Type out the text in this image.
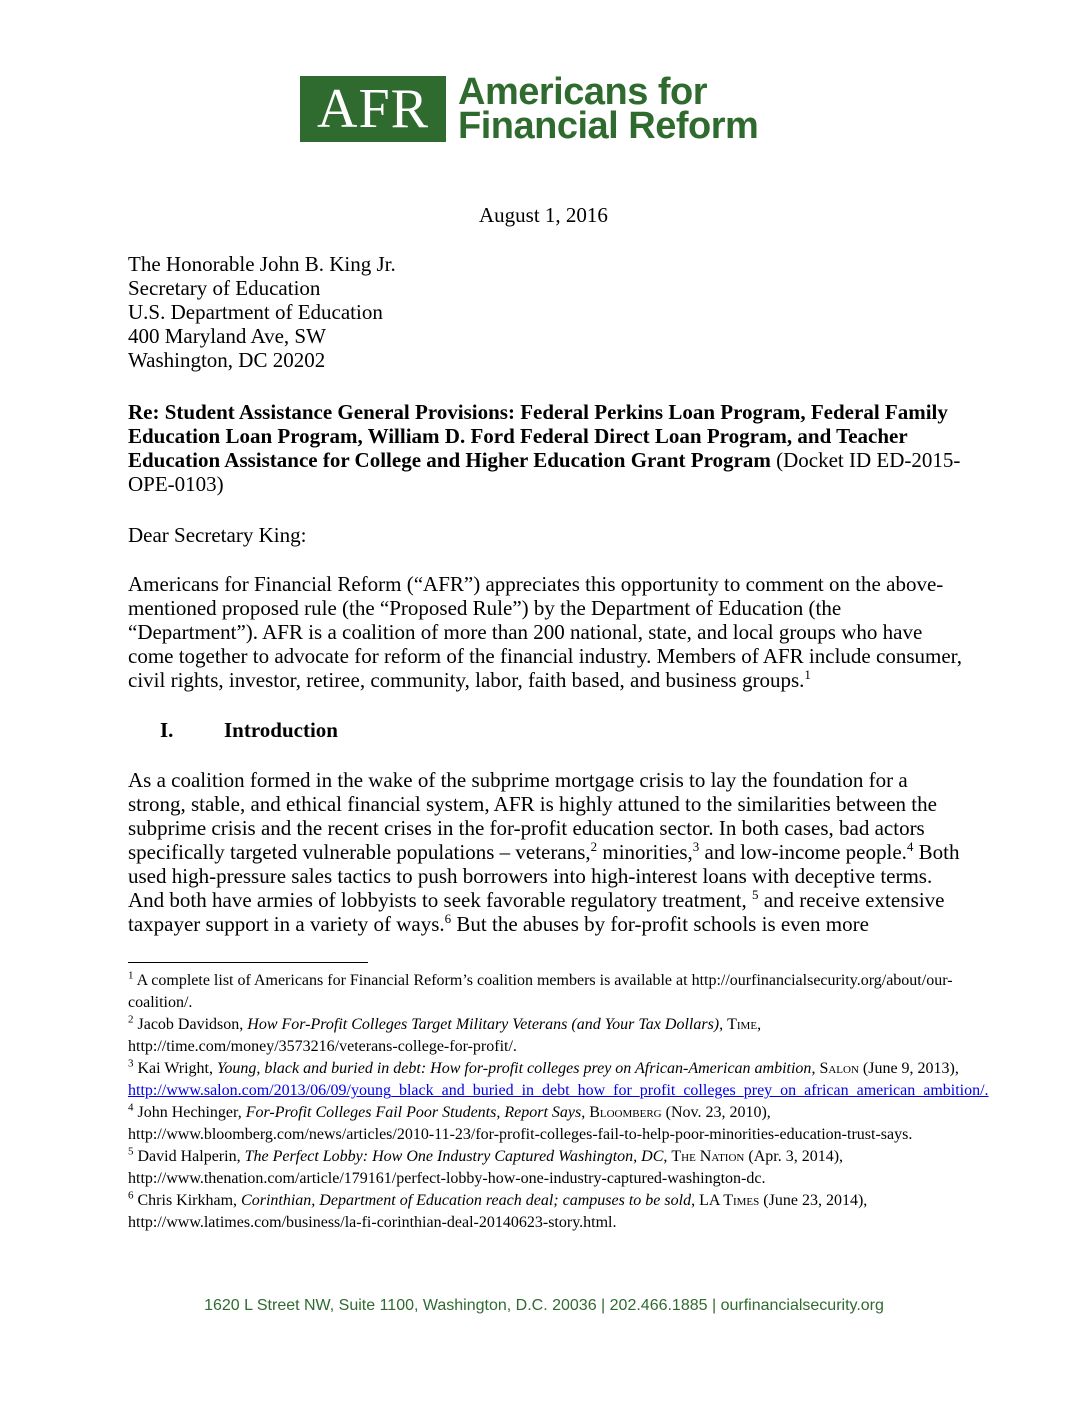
AFR Americans for
Financial Reform
August 1, 2016
The Honorable John B. King Jr.
Secretary of Education
U.S. Department of Education
400 Maryland Ave, SW
Washington, DC 20202
Re: Student Assistance General Provisions: Federal Perkins Loan Program, Federal Family Education Loan Program, William D. Ford Federal Direct Loan Program, and Teacher Education Assistance for College and Higher Education Grant Program (Docket ID ED-2015-OPE-0103)
Dear Secretary King:
Americans for Financial Reform (“AFR”) appreciates this opportunity to comment on the above-mentioned proposed rule (the “Proposed Rule”) by the Department of Education (the “Department”). AFR is a coalition of more than 200 national, state, and local groups who have come together to advocate for reform of the financial industry. Members of AFR include consumer, civil rights, investor, retiree, community, labor, faith based, and business groups.$^1$
I. Introduction
As a coalition formed in the wake of the subprime mortgage crisis to lay the foundation for a strong, stable, and ethical financial system, AFR is highly attuned to the similarities between the subprime crisis and the recent crises in the for-profit education sector. In both cases, bad actors specifically targeted vulnerable populations – veterans,$^2$ minorities,$^3$ and low-income people.$^4$ Both used high-pressure sales tactics to push borrowers into high-interest loans with deceptive terms. And both have armies of lobbyists to seek favorable regulatory treatment, $^5$ and receive extensive taxpayer support in a variety of ways.$^6$ But the abuses by for-profit schools is even more
$^1$ A complete list of Americans for Financial Reform’s coalition members is available at http://ourfinancialsecurity.org/about/our-coalition/.
$^2$ Jacob Davidson, How For-Profit Colleges Target Military Veterans (and Your Tax Dollars), Time, http://time.com/money/3573216/veterans-college-for-profit/.
$^3$ Kai Wright, Young, black and buried in debt: How for-profit colleges prey on African-American ambition, Salon (June 9, 2013), http://www.salon.com/2013/06/09/young_black_and_buried_in_debt_how_for_profit_colleges_prey_on_african_american_ambition/.
$^4$ John Hechinger, For-Profit Colleges Fail Poor Students, Report Says, Bloomberg (Nov. 23, 2010), http://www.bloomberg.com/news/articles/2010-11-23/for-profit-colleges-fail-to-help-poor-minorities-education-trust-says.
$^5$ David Halperin, The Perfect Lobby: How One Industry Captured Washington, DC, The Nation (Apr. 3, 2014), http://www.thenation.com/article/179161/perfect-lobby-how-one-industry-captured-washington-dc.
$^6$ Chris Kirkham, Corinthian, Department of Education reach deal; campuses to be sold, LA Times (June 23, 2014), http://www.latimes.com/business/la-fi-corinthian-deal-20140623-story.html.
1620 L Street NW, Suite 1100, Washington, D.C. 20036 | 202.466.1885 | ourfinancialsecurity.org
